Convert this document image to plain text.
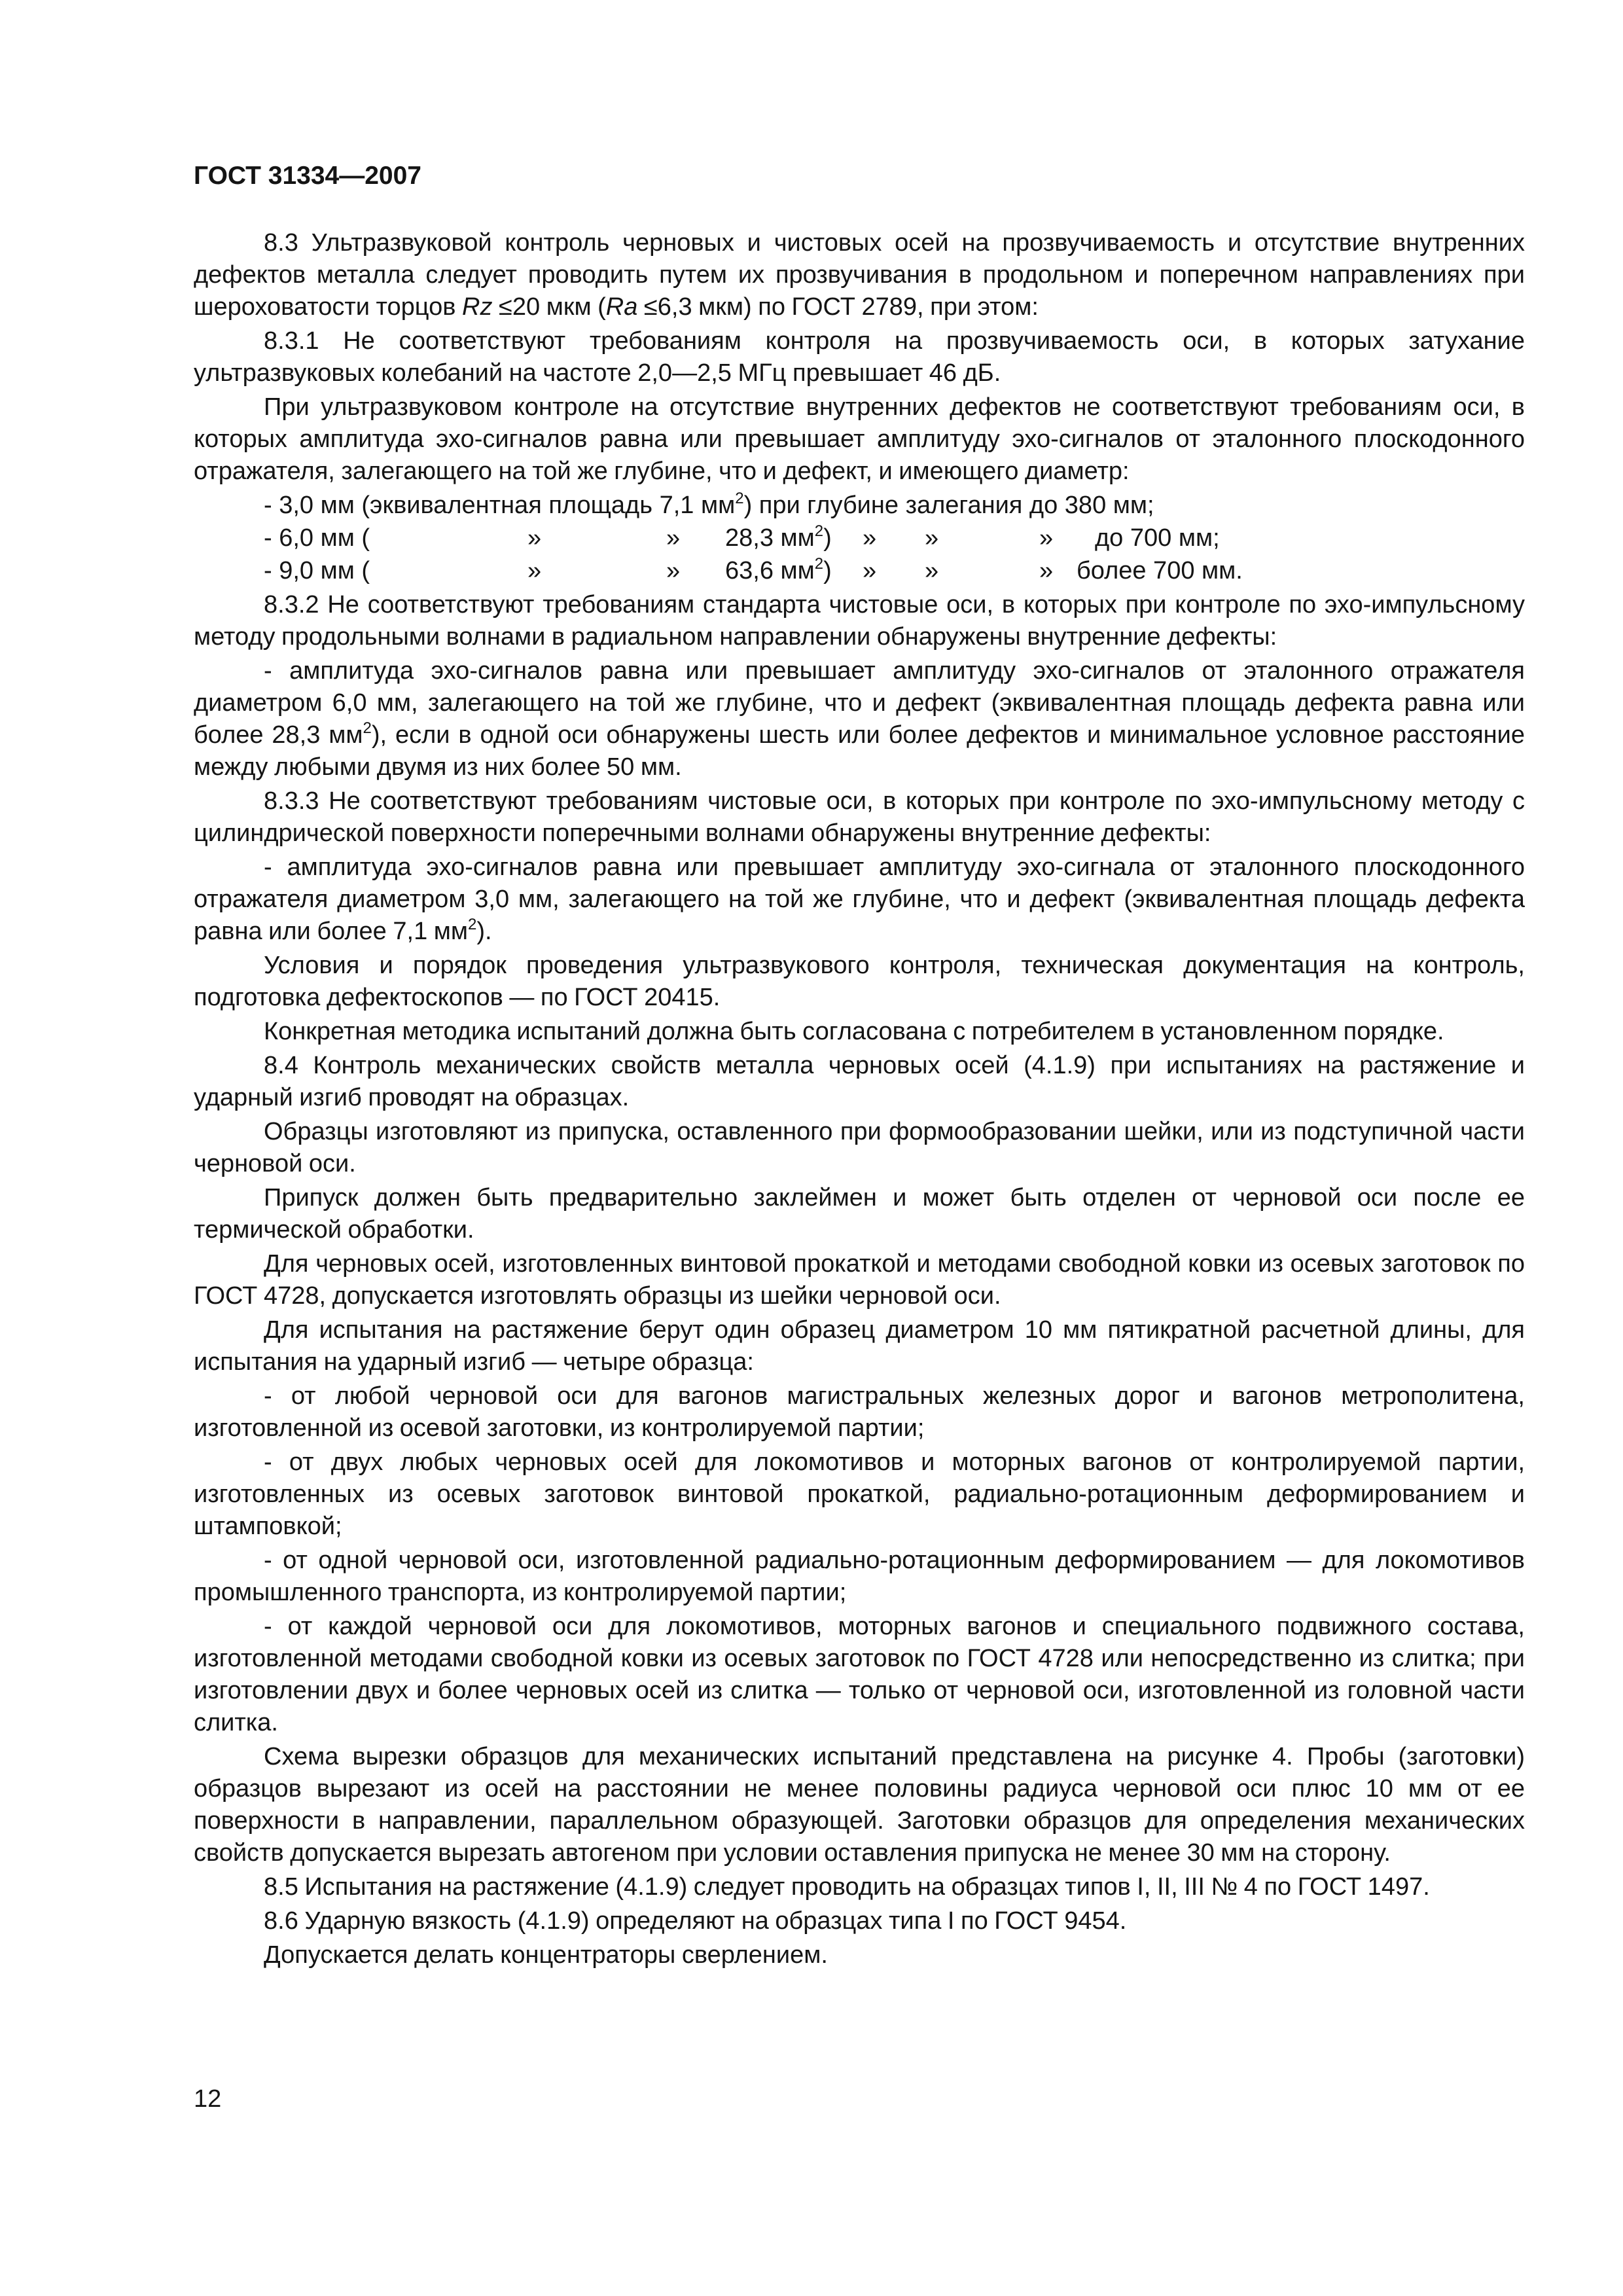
ГОСТ 31334—2007

8.3 Ультразвуковой контроль черновых и чистовых осей на прозвучиваемость и отсутствие внутренних дефектов металла следует проводить путем их прозвучивания в продольном и поперечном направлениях при шероховатости торцов Rz ≤20 мкм (Ra ≤6,3 мкм) по ГОСТ 2789, при этом:

8.3.1 Не соответствуют требованиям контроля на прозвучиваемость оси, в которых затухание ультразвуковых колебаний на частоте 2,0—2,5 МГц превышает 46 дБ.

При ультразвуковом контроле на отсутствие внутренних дефектов не соответствуют требованиям оси, в которых амплитуда эхо-сигналов равна или превышает амплитуду эхо-сигналов от эталонного плоскодонного отражателя, залегающего на той же глубине, что и дефект, и имеющего диаметр:

- 3,0 мм (эквивалентная площадь 7,1 $мм^2$) при глубине залегания до 380 мм;
- 6,0 мм (	»	»	28,3 $мм^2$)	»	»	»	до 700 мм;
- 9,0 мм (	»	»	63,6 $мм^2$)	»	»	» более 700 мм.

8.3.2 Не соответствуют требованиям стандарта чистовые оси, в которых при контроле по эхо-импульсному методу продольными волнами в радиальном направлении обнаружены внутренние дефекты:

- амплитуда эхо-сигналов равна или превышает амплитуду эхо-сигналов от эталонного отражателя диаметром 6,0 мм, залегающего на той же глубине, что и дефект (эквивалентная площадь дефекта равна или более 28,3 $мм^2$), если в одной оси обнаружены шесть или более дефектов и минимальное условное расстояние между любыми двумя из них более 50 мм.

8.3.3 Не соответствуют требованиям чистовые оси, в которых при контроле по эхо-импульсному методу с цилиндрической поверхности поперечными волнами обнаружены внутренние дефекты:

- амплитуда эхо-сигналов равна или превышает амплитуду эхо-сигнала от эталонного плоскодонного отражателя диаметром 3,0 мм, залегающего на той же глубине, что и дефект (эквивалентная площадь дефекта равна или более 7,1 $мм^2$).

Условия и порядок проведения ультразвукового контроля, техническая документация на контроль, подготовка дефектоскопов — по ГОСТ 20415.

Конкретная методика испытаний должна быть согласована с потребителем в установленном порядке.

8.4 Контроль механических свойств металла черновых осей (4.1.9) при испытаниях на растяжение и ударный изгиб проводят на образцах.

Образцы изготовляют из припуска, оставленного при формообразовании шейки, или из подступичной части черновой оси.

Припуск должен быть предварительно заклеймен и может быть отделен от черновой оси после ее термической обработки.

Для черновых осей, изготовленных винтовой прокаткой и методами свободной ковки из осевых заготовок по ГОСТ 4728, допускается изготовлять образцы из шейки черновой оси.

Для испытания на растяжение берут один образец диаметром 10 мм пятикратной расчетной длины, для испытания на ударный изгиб — четыре образца:

- от любой черновой оси для вагонов магистральных железных дорог и вагонов метрополитена, изготовленной из осевой заготовки, из контролируемой партии;

- от двух любых черновых осей для локомотивов и моторных вагонов от контролируемой партии, изготовленных из осевых заготовок винтовой прокаткой, радиально-ротационным деформированием и штамповкой;

- от одной черновой оси, изготовленной радиально-ротационным деформированием — для локомотивов промышленного транспорта, из контролируемой партии;

- от каждой черновой оси для локомотивов, моторных вагонов и специального подвижного состава, изготовленной методами свободной ковки из осевых заготовок по ГОСТ 4728 или непосредственно из слитка; при изготовлении двух и более черновых осей из слитка — только от черновой оси, изготовленной из головной части слитка.

Схема вырезки образцов для механических испытаний представлена на рисунке 4. Пробы (заготовки) образцов вырезают из осей на расстоянии не менее половины радиуса черновой оси плюс 10 мм от ее поверхности в направлении, параллельном образующей. Заготовки образцов для определения механических свойств допускается вырезать автогеном при условии оставления припуска не менее 30 мм на сторону.

8.5 Испытания на растяжение (4.1.9) следует проводить на образцах типов I, II, III № 4 по ГОСТ 1497.

8.6 Ударную вязкость (4.1.9) определяют на образцах типа I по ГОСТ 9454.

Допускается делать концентраторы сверлением.

12
